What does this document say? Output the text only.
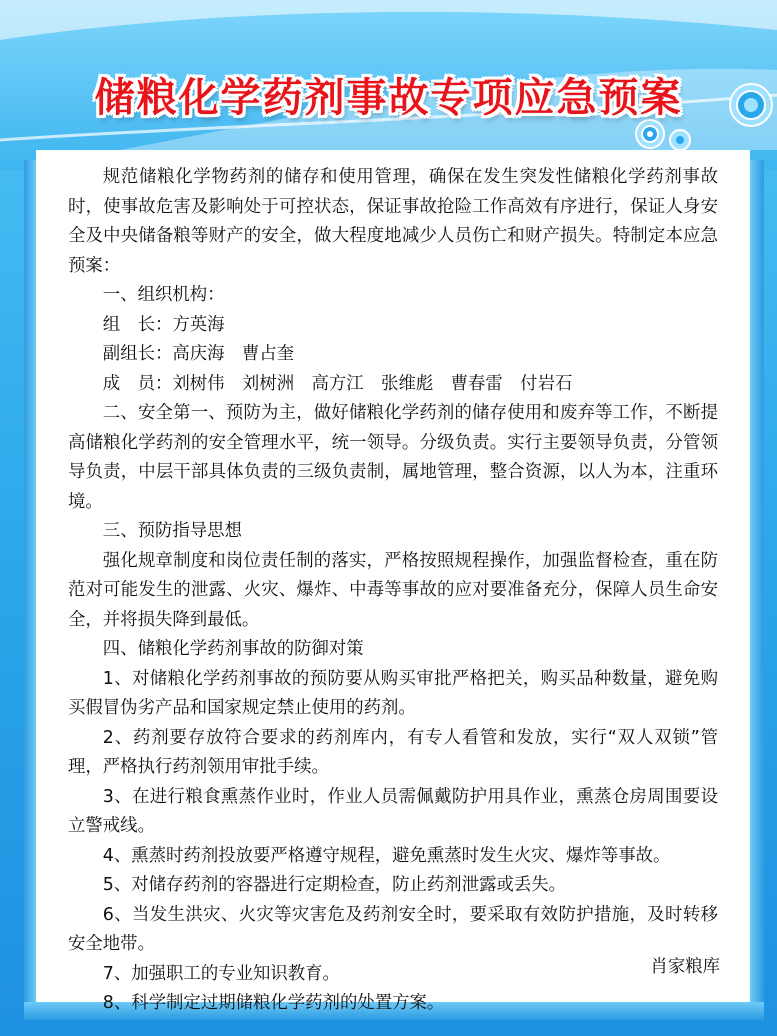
储粮化学药剂事故专项应急预案

规范储粮化学物药剂的储存和使用管理，确保在发生突发性储粮化学药剂事故时，使事故危害及影响处于可控状态，保证事故抢险工作高效有序进行，保证人身安全及中央储备粮等财产的安全，做大程度地减少人员伤亡和财产损失。特制定本应急预案：

一、组织机构：

组　长：方英海

副组长：高庆海　曹占奎

成　员：刘树伟　刘树洲　高方江　张维彪　曹春雷　付岩石

二、安全第一、预防为主，做好储粮化学药剂的储存使用和废弃等工作，不断提高储粮化学药剂的安全管理水平，统一领导。分级负责。实行主要领导负责，分管领导负责，中层干部具体负责的三级负责制，属地管理，整合资源，以人为本，注重环境。

三、预防指导思想

强化规章制度和岗位责任制的落实，严格按照规程操作，加强监督检查，重在防范对可能发生的泄露、火灾、爆炸、中毒等事故的应对要准备充分，保障人员生命安全，并将损失降到最低。

四、储粮化学药剂事故的防御对策

1、对储粮化学药剂事故的预防要从购买审批严格把关，购买品种数量，避免购买假冒伪劣产品和国家规定禁止使用的药剂。

2、药剂要存放符合要求的药剂库内，有专人看管和发放，实行“双人双锁”管理，严格执行药剂领用审批手续。

3、在进行粮食熏蒸作业时，作业人员需佩戴防护用具作业，熏蒸仓房周围要设立警戒线。

4、熏蒸时药剂投放要严格遵守规程，避免熏蒸时发生火灾、爆炸等事故。

5、对储存药剂的容器进行定期检查，防止药剂泄露或丢失。

6、当发生洪灾、火灾等灾害危及药剂安全时，要采取有效防护措施，及时转移安全地带。

7、加强职工的专业知识教育。

8、科学制定过期储粮化学药剂的处置方案。

肖家粮库
